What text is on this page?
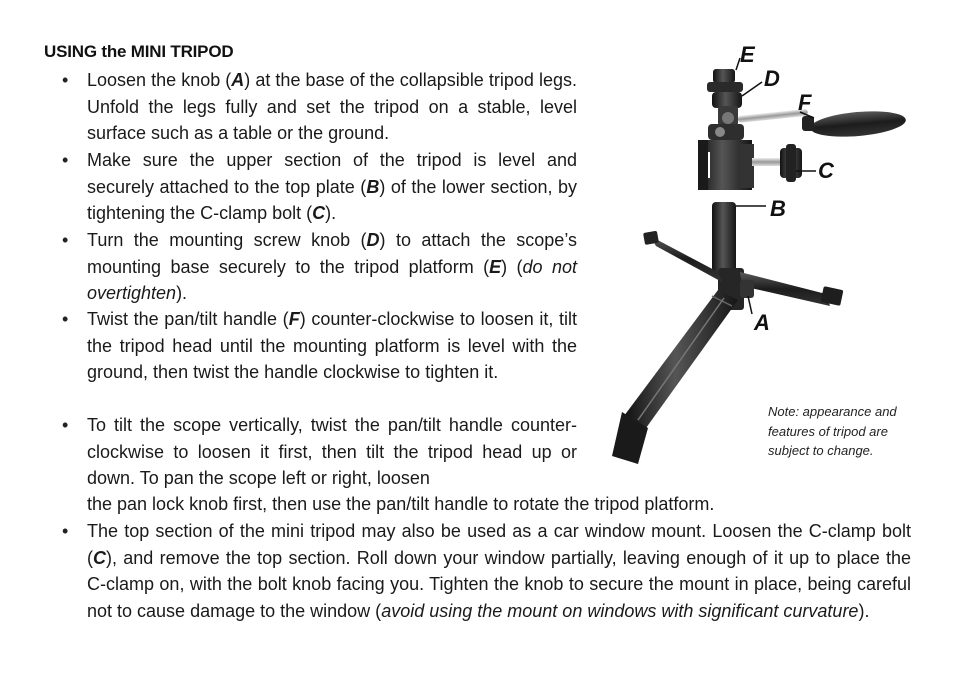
USING the MINI TRIPOD
• Loosen the knob (A) at the base of the collapsible tripod legs. Unfold the legs fully and set the tripod on a stable, level surface such as a table or the ground.
• Make sure the upper section of the tripod is level and securely attached to the top plate (B) of the lower section, by tightening the C-clamp bolt (C).
• Turn the mounting screw knob (D) to attach the scope’s mounting base securely to the tripod platform (E) (do not overtighten).
• Twist the pan/tilt handle (F) counter-clockwise to loosen it, tilt the tripod head until the mounting platform is level with the ground, then twist the handle clockwise to tighten it.
• To tilt the scope vertically, twist the pan/tilt handle counter-clockwise to loosen it first, then tilt the tripod head up or down. To pan the scope left or right, loosen
the pan lock knob first, then use the pan/tilt handle to rotate the tripod platform.
• The top section of the mini tripod may also be used as a car window mount. Loosen the C-clamp bolt (C), and remove the top section. Roll down your window partially, leaving enough of it up to place the C-clamp on, with the bolt knob facing you. Tighten the knob to secure the mount in place, being careful not to cause damage to the window (avoid using the mount on windows with significant curvature).
E
D
F
C
B
A
Note: appearance and features of tripod are subject to change.
